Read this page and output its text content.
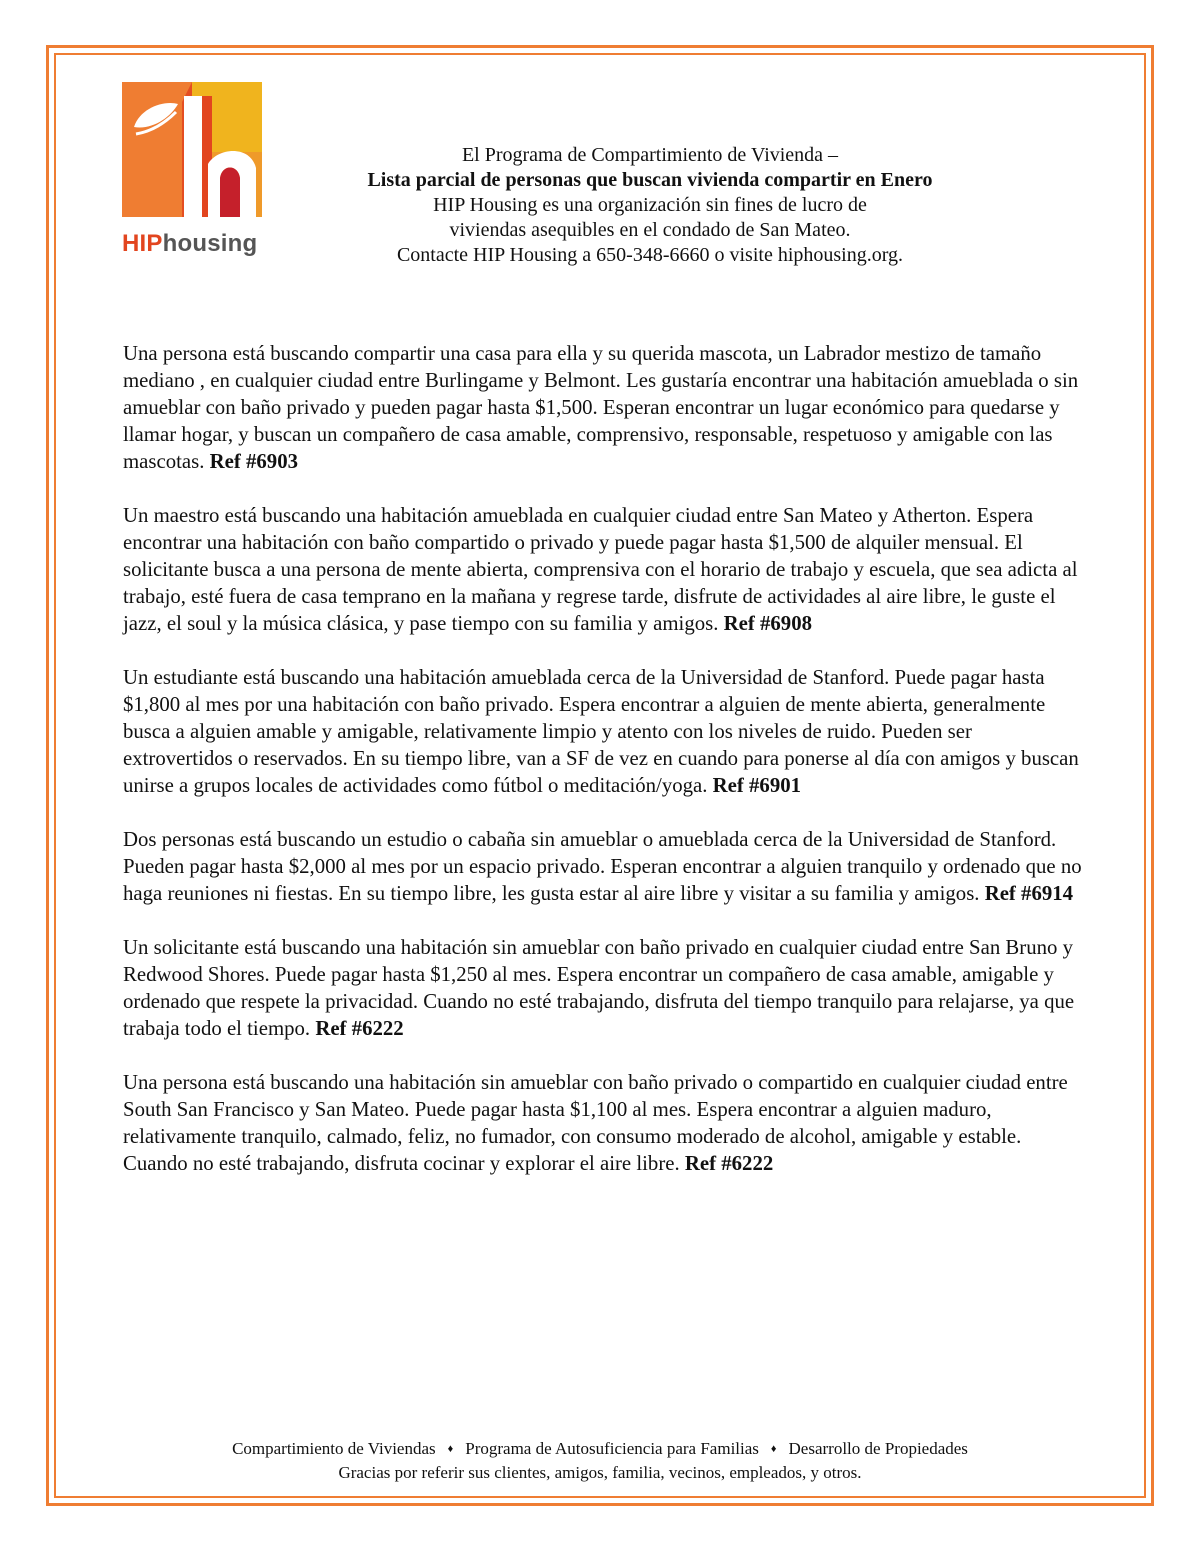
HIPhousing
El Programa de Compartimiento de Vivienda –
Lista parcial de personas que buscan vivienda compartir en Enero
HIP Housing es una organización sin fines de lucro de
viviendas asequibles en el condado de San Mateo.
Contacte HIP Housing a 650-348-6660 o visite hiphousing.org.

Una persona está buscando compartir una casa para ella y su querida mascota, un Labrador mestizo de tamaño mediano , en cualquier ciudad entre Burlingame y Belmont. Les gustaría encontrar una habitación amueblada o sin amueblar con baño privado y pueden pagar hasta $1,500. Esperan encontrar un lugar económico para quedarse y llamar hogar, y buscan un compañero de casa amable, comprensivo, responsable, respetuoso y amigable con las mascotas. Ref #6903

Un maestro está buscando una habitación amueblada en cualquier ciudad entre San Mateo y Atherton. Espera encontrar una habitación con baño compartido o privado y puede pagar hasta $1,500 de alquiler mensual. El solicitante busca a una persona de mente abierta, comprensiva con el horario de trabajo y escuela, que sea adicta al trabajo, esté fuera de casa temprano en la mañana y regrese tarde, disfrute de actividades al aire libre, le guste el jazz, el soul y la música clásica, y pase tiempo con su familia y amigos. Ref #6908

Un estudiante está buscando una habitación amueblada cerca de la Universidad de Stanford. Puede pagar hasta $1,800 al mes por una habitación con baño privado. Espera encontrar a alguien de mente abierta, generalmente busca a alguien amable y amigable, relativamente limpio y atento con los niveles de ruido. Pueden ser extrovertidos o reservados. En su tiempo libre, van a SF de vez en cuando para ponerse al día con amigos y buscan unirse a grupos locales de actividades como fútbol o meditación/yoga. Ref #6901

Dos personas está buscando un estudio o cabaña sin amueblar o amueblada cerca de la Universidad de Stanford. Pueden pagar hasta $2,000 al mes por un espacio privado. Esperan encontrar a alguien tranquilo y ordenado que no haga reuniones ni fiestas. En su tiempo libre, les gusta estar al aire libre y visitar a su familia y amigos. Ref #6914

Un solicitante está buscando una habitación sin amueblar con baño privado en cualquier ciudad entre San Bruno y Redwood Shores. Puede pagar hasta $1,250 al mes. Espera encontrar un compañero de casa amable, amigable y ordenado que respete la privacidad. Cuando no esté trabajando, disfruta del tiempo tranquilo para relajarse, ya que trabaja todo el tiempo. Ref #6222

Una persona está buscando una habitación sin amueblar con baño privado o compartido en cualquier ciudad entre South San Francisco y San Mateo. Puede pagar hasta $1,100 al mes. Espera encontrar a alguien maduro, relativamente tranquilo, calmado, feliz, no fumador, con consumo moderado de alcohol, amigable y estable. Cuando no esté trabajando, disfruta cocinar y explorar el aire libre. Ref #6222

Compartimiento de Viviendas ♦ Programa de Autosuficiencia para Familias ♦ Desarrollo de Propiedades
Gracias por referir sus clientes, amigos, familia, vecinos, empleados, y otros.
